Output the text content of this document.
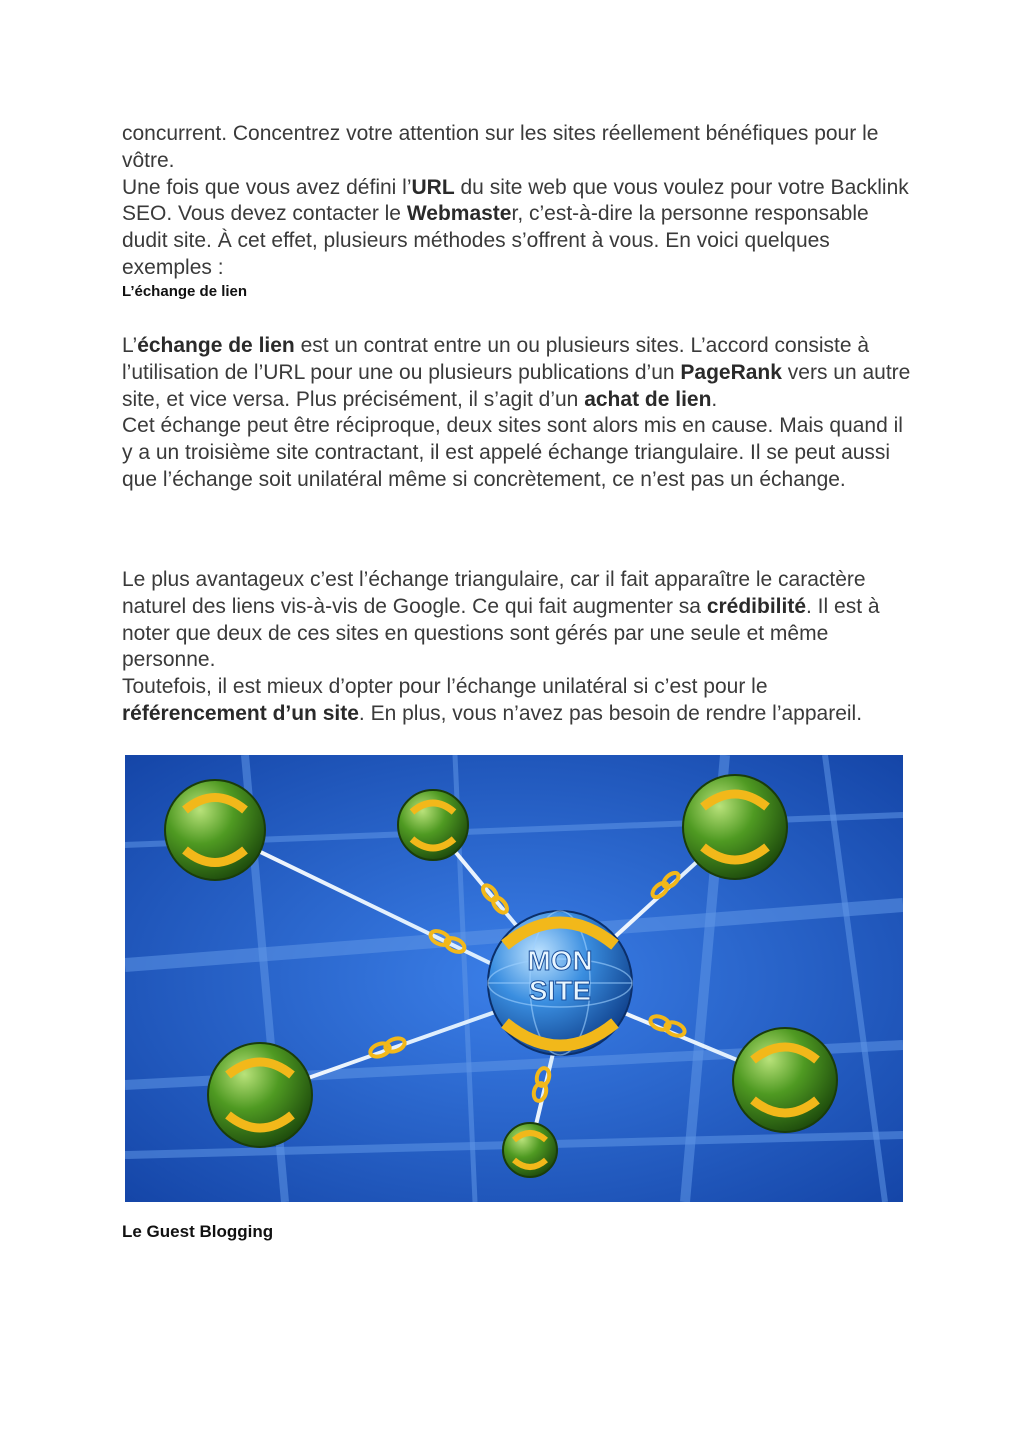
concurrent. Concentrez votre attention sur les sites réellement bénéfiques pour le vôtre.

Une fois que vous avez défini l’URL du site web que vous voulez pour votre Backlink SEO. Vous devez contacter le Webmaster, c’est-à-dire la personne responsable dudit site. À cet effet, plusieurs méthodes s’offrent à vous. En voici quelques exemples :

L’échange de lien

L’échange de lien est un contrat entre un ou plusieurs sites. L’accord consiste à l’utilisation de l’URL pour une ou plusieurs publications d’un PageRank vers un autre site, et vice versa. Plus précisément, il s’agit d’un achat de lien.

Cet échange peut être réciproque, deux sites sont alors mis en cause. Mais quand il y a un troisième site contractant, il est appelé échange triangulaire. Il se peut aussi que l’échange soit unilatéral même si concrètement, ce n’est pas un échange.

Le plus avantageux c’est l’échange triangulaire, car il fait apparaître le caractère naturel des liens vis-à-vis de Google. Ce qui fait augmenter sa crédibilité. Il est à noter que deux de ces sites en questions sont gérés par une seule et même personne.

Toutefois, il est mieux d’opter pour l’échange unilatéral si c’est pour le référencement d’un site. En plus, vous n’avez pas besoin de rendre l’appareil.

MON
SITE
Le Guest Blogging
